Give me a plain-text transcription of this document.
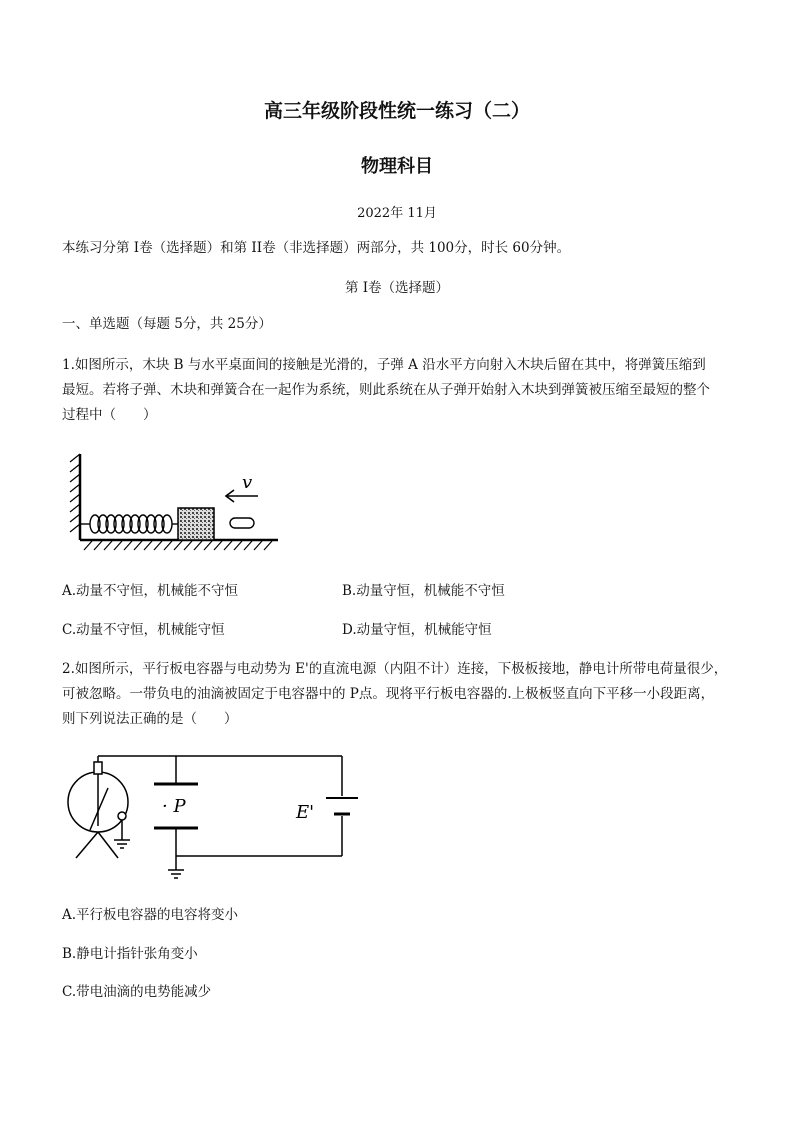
高三年级阶段性统一练习（二）
物理科目
2022年 11月
本练习分第 I卷（选择题）和第 II卷（非选择题）两部分，共 100分，时长 60分钟。
第 I卷（选择题）
一、单选题（每题 5分，共 25分）
1.如图所示，木块 B 与水平桌面间的接触是光滑的，子弹 A 沿水平方向射入木块后留在其中，将弹簧压缩到
最短。若将子弹、木块和弹簧合在一起作为系统，则此系统在从子弹开始射入木块到弹簧被压缩至最短的整个
过程中（　　）
v
A.动量不守恒，机械能不守恒	B.动量守恒，机械能不守恒
C.动量不守恒，机械能守恒	D.动量守恒，机械能守恒
2.如图所示，平行板电容器与电动势为 E'的直流电源（内阻不计）连接，下极板接地，静电计所带电荷量很少，
可被忽略。一带负电的油滴被固定于电容器中的 P点。现将平行板电容器的.上极板竖直向下平移一小段距离，
则下列说法正确的是（　　）
· P	E'
A.平行板电容器的电容将变小
B.静电计指针张角变小
C.带电油滴的电势能减少
